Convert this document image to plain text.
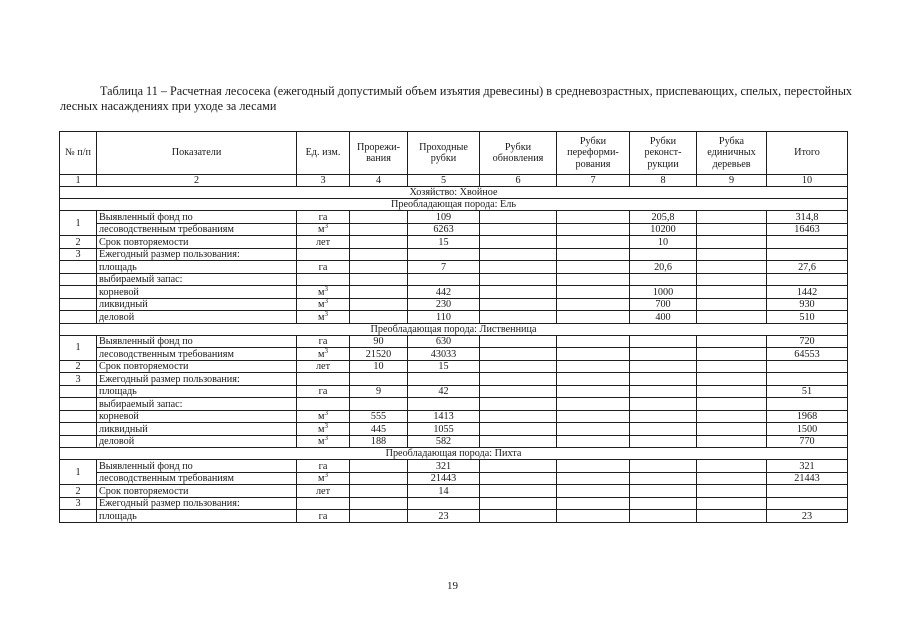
Таблица 11 – Расчетная лесосека (ежегодный допустимый объем изъятия древесины) в средневозрастных, приспевающих, спелых, перестойных лесных насаждениях при уходе за лесами
№ п/п	Показатели	Ед. изм.	Прорежи-вания	Проходные рубки	Рубки обновления	Рубки переформи-рования	Рубки реконст-рукции	Рубка единичных деревьев	Итого
1	2	3	4	5	6	7	8	9	10
Хозяйство: Хвойное									
Преобладающая порода: Ель									
1	Выявленный фонд по	га		109			205,8		314,8
	лесоводственным требованиям	$м^3$		6263			10200		16463
2	Срок повторяемости	лет		15			10		
3	Ежегодный размер пользования:								
	площадь	га		7			20,6		27,6
	выбираемый запас:								
	корневой	$м^3$		442			1000		1442
	ликвидный	$м^3$		230			700		930
	деловой	$м^3$		110			400		510
Преобладающая порода: Лиственница									
1	Выявленный фонд по	га	90	630					720
	лесоводственным требованиям	$м^3$	21520	43033					64553
2	Срок повторяемости	лет	10	15					
3	Ежегодный размер пользования:								
	площадь	га	9	42					51
	выбираемый запас:								
	корневой	$м^3$	555	1413					1968
	ликвидный	$м^3$	445	1055					1500
	деловой	$м^3$	188	582					770
Преобладающая порода: Пихта									
1	Выявленный фонд по	га		321					321
	лесоводственным требованиям	$м^3$		21443					21443
2	Срок повторяемости	лет		14					
3	Ежегодный размер пользования:								
	площадь	га		23					23
19
